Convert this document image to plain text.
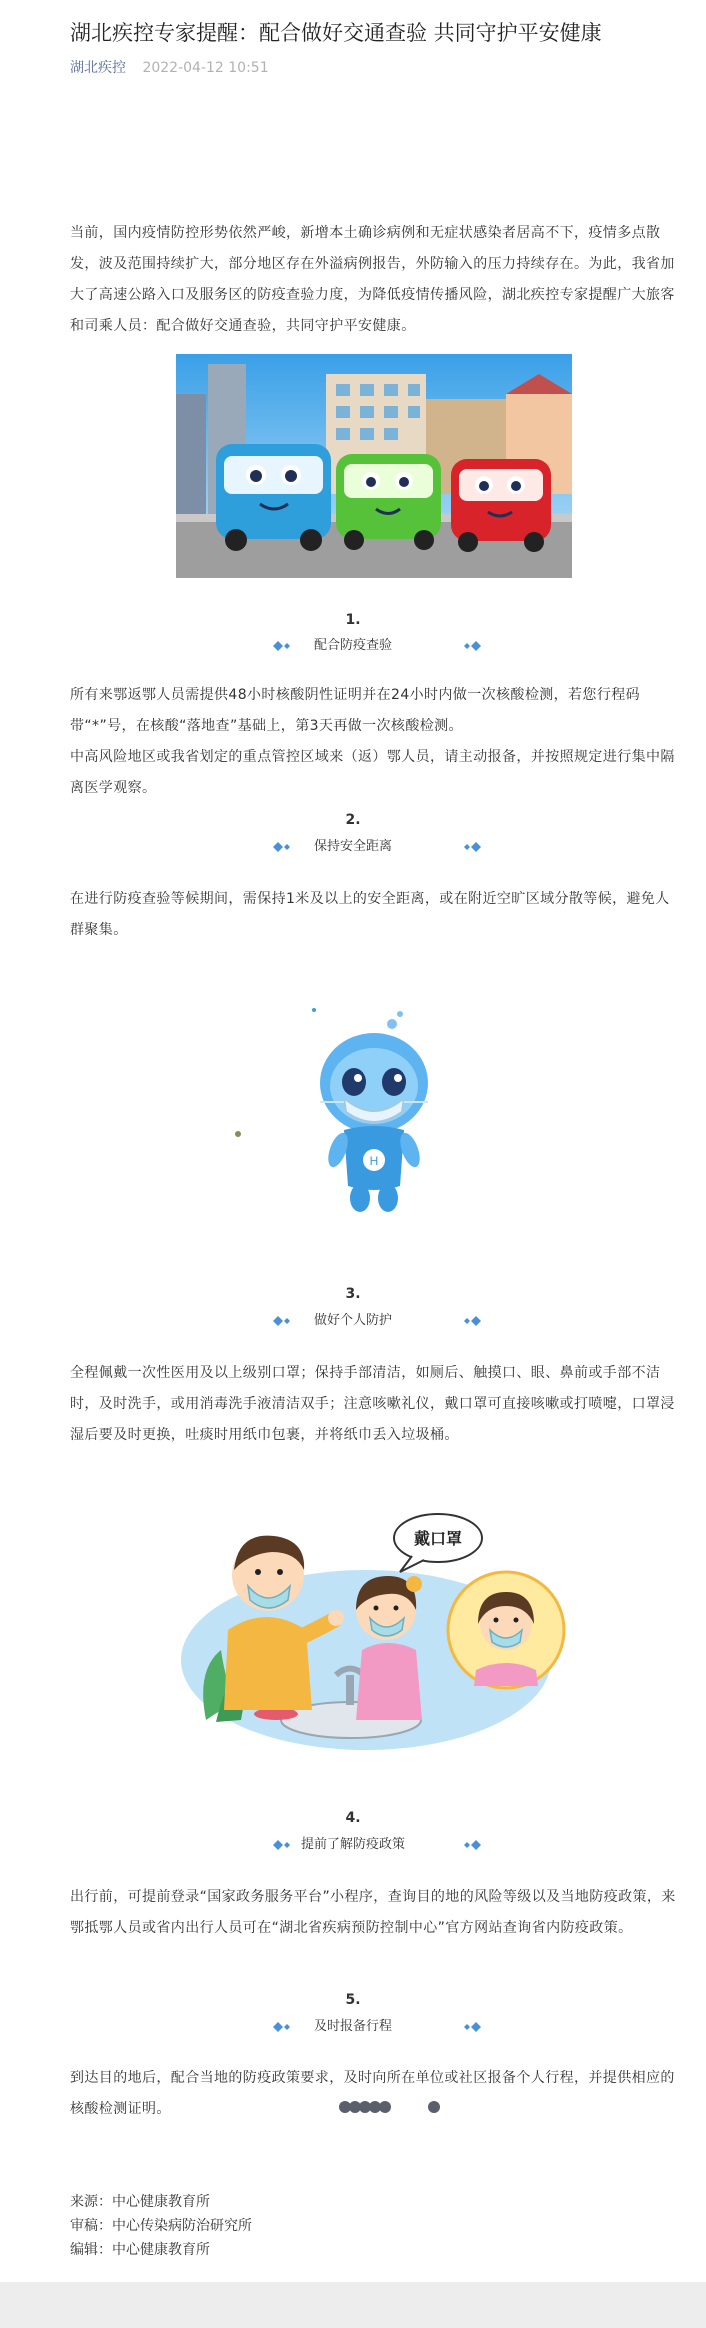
湖北疾控专家提醒：配合做好交通查验 共同守护平安健康
湖北疾控 2022-04-12 10:51

当前，国内疫情防控形势依然严峻，新增本土确诊病例和无症状感染者居高不下，疫情多点散发，波及范围持续扩大，部分地区存在外溢病例报告，外防输入的压力持续存在。为此，我省加大了高速公路入口及服务区的防疫查验力度，为降低疫情传播风险，湖北疾控专家提醒广大旅客和司乘人员：配合做好交通查验，共同守护平安健康。

1.
配合防疫查验

所有来鄂返鄂人员需提供48小时核酸阴性证明并在24小时内做一次核酸检测，若您行程码带“*”号，在核酸“落地查”基础上，第3天再做一次核酸检测。

中高风险地区或我省划定的重点管控区域来（返）鄂人员，请主动报备，并按照规定进行集中隔离医学观察。

2.
保持安全距离

在进行防疫查验等候期间，需保持1米及以上的安全距离，或在附近空旷区域分散等候，避免人群聚集。

H
3.
做好个人防护

全程佩戴一次性医用及以上级别口罩；保持手部清洁，如厕后、触摸口、眼、鼻前或手部不洁时，及时洗手，或用消毒洗手液清洁双手；注意咳嗽礼仪，戴口罩可直接咳嗽或打喷嚏，口罩浸湿后要及时更换，吐痰时用纸巾包裹，并将纸巾丢入垃圾桶。

戴口罩
4.
提前了解防疫政策

出行前，可提前登录“国家政务服务平台”小程序，查询目的地的风险等级以及当地防疫政策，来鄂抵鄂人员或省内出行人员可在“湖北省疾病预防控制中心”官方网站查询省内防疫政策。

5.
及时报备行程

到达目的地后，配合当地的防疫政策要求，及时向所在单位或社区报备个人行程，并提供相应的核酸检测证明。

来源：中心健康教育所
审稿：中心传染病防治研究所
编辑：中心健康教育所
